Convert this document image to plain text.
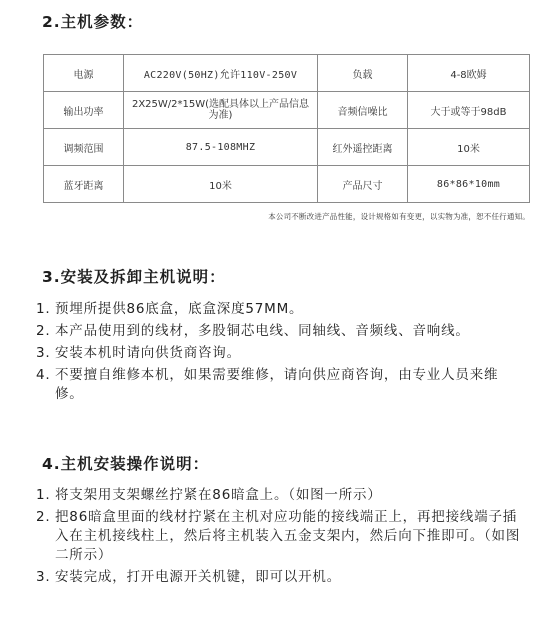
2.主机参数：
电源	AC220V(50HZ)允许110V-250V	负载	4-8欧姆
输出功率	2X25W/2*15W(选配具体以上产品信息为准)	音频信噪比	大于或等于98dB
调频范围	87.5-108MHZ	红外遥控距离	10米
蓝牙距离	10米	产品尺寸	86*86*10mm
本公司不断改进产品性能，设计规格如有变更，以实物为准，恕不任行通知。
3.安装及拆卸主机说明：
1. 预埋所提供86底盒，底盒深度57MM。
2. 本产品使用到的线材，多股铜芯电线、同轴线、音频线、音响线。
3. 安装本机时请向供货商咨询。
4. 不要擅自维修本机，如果需要维修，请向供应商咨询，由专业人员来维修。
4.主机安装操作说明：
1. 将支架用支架螺丝拧紧在86暗盒上。（如图一所示）
2. 把86暗盒里面的线材拧紧在主机对应功能的接线端正上，再把接线端子插入在主机接线柱上，然后将主机装入五金支架内，然后向下推即可。（如图二所示）
3. 安装完成，打开电源开关机键，即可以开机。
